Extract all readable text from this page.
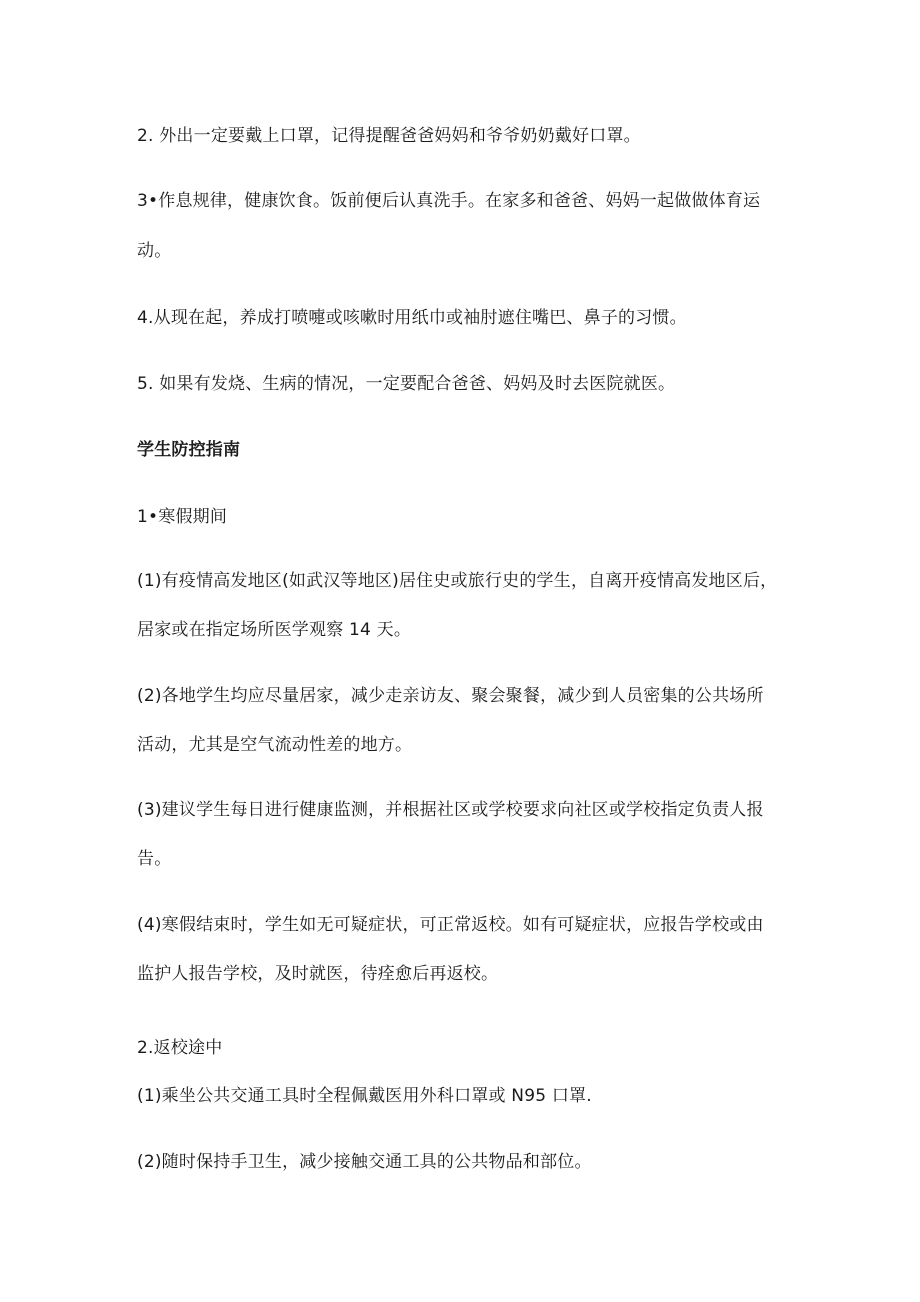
2. 外出一定要戴上口罩，记得提醒爸爸妈妈和爷爷奶奶戴好口罩。
3•作息规律，健康饮食。饭前便后认真洗手。在家多和爸爸、妈妈一起做做体育运
动。
4.从现在起，养成打喷嚏或咳嗽时用纸巾或袖肘遮住嘴巴、鼻子的习惯。
5. 如果有发烧、生病的情况，一定要配合爸爸、妈妈及时去医院就医。
学生防控指南
1•寒假期间
(1)有疫情高发地区(如武汉等地区)居住史或旅行史的学生，自离开疫情高发地区后，
居家或在指定场所医学观察 14 天。
(2)各地学生均应尽量居家，减少走亲访友、聚会聚餐，减少到人员密集的公共场所
活动，尤其是空气流动性差的地方。
(3)建议学生每日进行健康监测，并根据社区或学校要求向社区或学校指定负责人报
告。
(4)寒假结束时，学生如无可疑症状，可正常返校。如有可疑症状，应报告学校或由
监护人报告学校，及时就医，待痊愈后再返校。
2.返校途中
(1)乘坐公共交通工具时全程佩戴医用外科口罩或 N95 口罩.
(2)随时保持手卫生，减少接触交通工具的公共物品和部位。
